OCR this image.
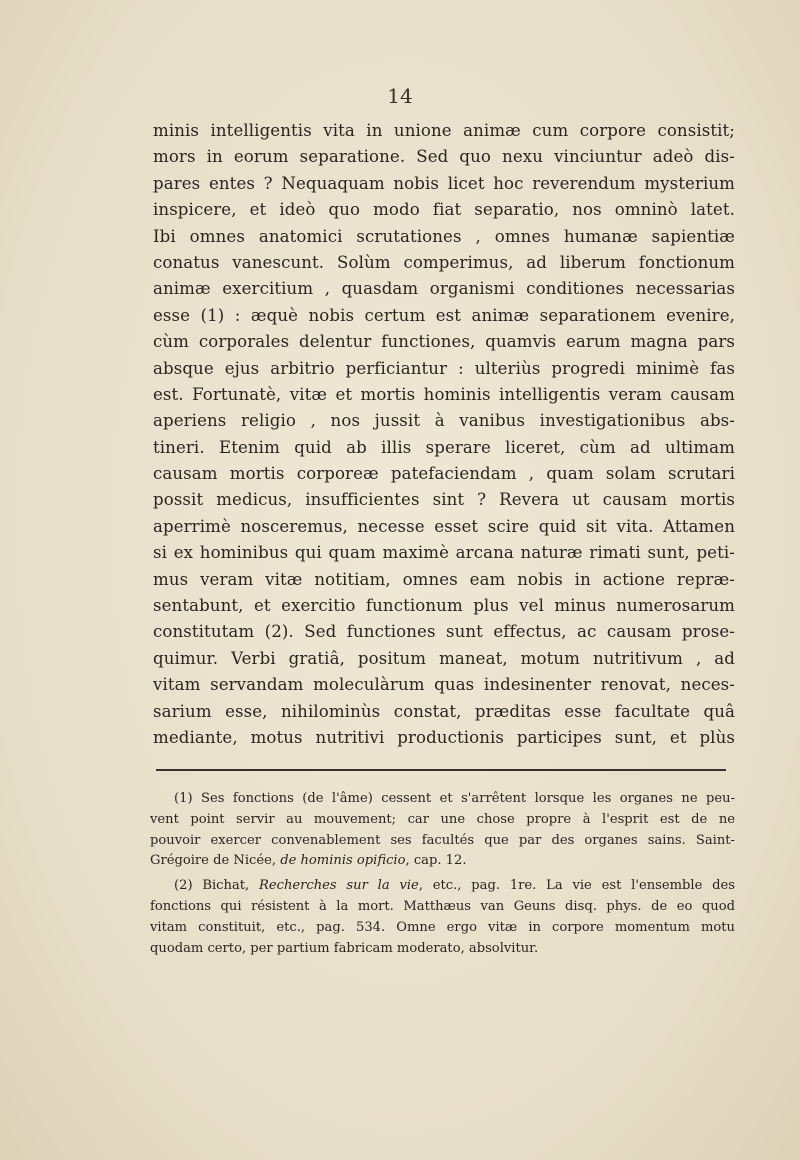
14
minis intelligentis vita in unione animæ cum corpore consistit;
mors in eorum separatione. Sed quo nexu vinciuntur adeò dis-
pares entes ? Nequaquam nobis licet hoc reverendum mysterium
inspicere, et ideò quo modo fiat separatio, nos omninò latet.
Ibi omnes anatomici scrutationes , omnes humanæ sapientiæ
conatus vanescunt. Solùm comperimus, ad liberum fonctionum
animæ exercitium , quasdam organismi conditiones necessarias
esse (1) : æquè nobis certum est animæ separationem evenire,
cùm corporales delentur functiones, quamvis earum magna pars
absque ejus arbitrio perficiantur : ulteriùs progredi minimè fas
est. Fortunatè, vitæ et mortis hominis intelligentis veram causam
aperiens religio , nos jussit à vanibus investigationibus abs-
tineri. Etenim quid ab illis sperare liceret, cùm ad ultimam
causam mortis corporeæ patefaciendam , quam solam scrutari
possit medicus, insufficientes sint ? Revera ut causam mortis
aperrimè nosceremus, necesse esset scire quid sit vita. Attamen
si ex hominibus qui quam maximè arcana naturæ rimati sunt, peti-
mus veram vitæ notitiam, omnes eam nobis in actione repræ-
sentabunt, et exercitio functionum plus vel minus numerosarum
constitutam (2). Sed functiones sunt effectus, ac causam prose-
quimur. Verbi gratiâ, positum maneat, motum nutritivum , ad
vitam servandam moleculàrum quas indesinenter renovat, neces-
sarium esse, nihilominùs constat, præditas esse facultate quâ
mediante, motus nutritivi productionis participes sunt, et plùs
(1) Ses fonctions (de l'âme) cessent et s'arrêtent lorsque les organes ne peu-
vent point servir au mouvement; car une chose propre à l'esprit est de ne
pouvoir exercer convenablement ses facultés que par des organes sains. Saint-
Grégoire de Nicée, de hominis opificio, cap. 12.
(2) Bichat, Recherches sur la vie, etc., pag. 1re. La vie est l'ensemble des
fonctions qui résistent à la mort. Matthæus van Geuns disq. phys. de eo quod
vitam constituit, etc., pag. 534. Omne ergo vitæ in corpore momentum motu
quodam certo, per partium fabricam moderato, absolvitur.
